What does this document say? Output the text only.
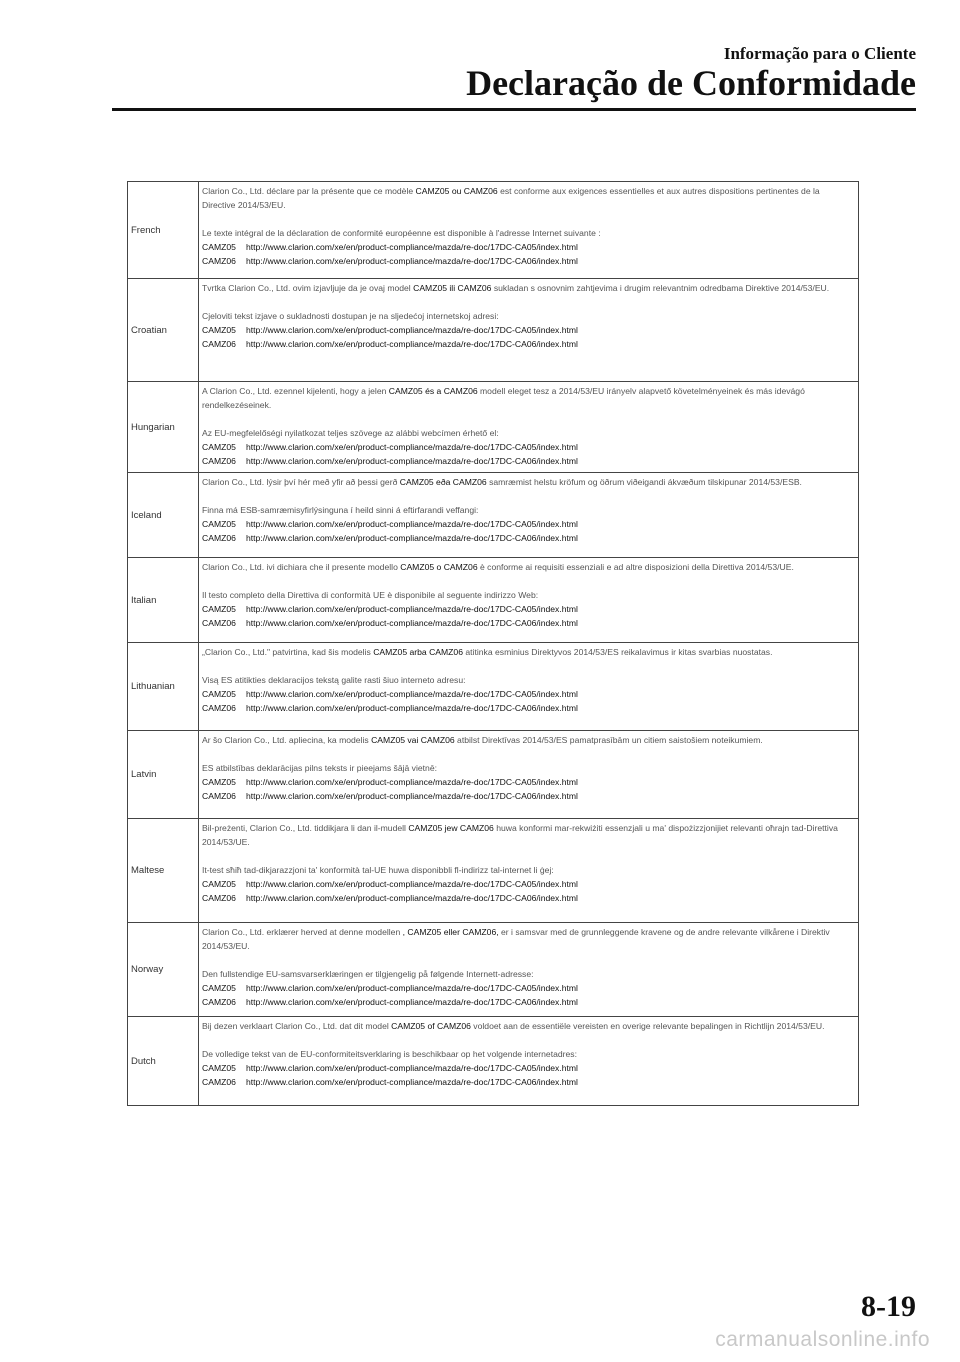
Informação para o Cliente
Declaração de Conformidade
French	Clarion Co., Ltd. déclare par la présente que ce modèle CAMZ05 ou CAMZ06 est conforme aux exigences essentielles et aux autres dispositions pertinentes de la Directive 2014/53/EU.

Le texte intégral de la déclaration de conformité européenne est disponible à l'adresse Internet suivante :

CAMZ05 http://www.clarion.com/xe/en/product-compliance/mazda/re-doc/17DC-CA05/index.html

CAMZ06 http://www.clarion.com/xe/en/product-compliance/mazda/re-doc/17DC-CA06/index.html

Croatian	Tvrtka Clarion Co., Ltd. ovim izjavljuje da je ovaj model CAMZ05 ili CAMZ06 sukladan s osnovnim zahtjevima i drugim relevantnim odredbama Direktive 2014/53/EU.

Cjeloviti tekst izjave o sukladnosti dostupan je na sljedećoj internetskoj adresi:

CAMZ05 http://www.clarion.com/xe/en/product-compliance/mazda/re-doc/17DC-CA05/index.html

CAMZ06 http://www.clarion.com/xe/en/product-compliance/mazda/re-doc/17DC-CA06/index.html

Hungarian	A Clarion Co., Ltd. ezennel kijelenti, hogy a jelen CAMZ05 és a CAMZ06 modell eleget tesz a 2014/53/EU irányelv alapvető követelményeinek és más idevágó rendelkezéseinek.

Az EU-megfelelőségi nyilatkozat teljes szövege az alábbi webcímen érhető el:

CAMZ05 http://www.clarion.com/xe/en/product-compliance/mazda/re-doc/17DC-CA05/index.html

CAMZ06 http://www.clarion.com/xe/en/product-compliance/mazda/re-doc/17DC-CA06/index.html

Iceland	Clarion Co., Ltd. lýsir því hér með yfir að þessi gerð CAMZ05 eða CAMZ06 samræmist helstu kröfum og öðrum viðeigandi ákvæðum tilskipunar 2014/53/ESB.

Finna má ESB-samræmisyfirlýsinguna í heild sinni á eftirfarandi veffangi:

CAMZ05 http://www.clarion.com/xe/en/product-compliance/mazda/re-doc/17DC-CA05/index.html

CAMZ06 http://www.clarion.com/xe/en/product-compliance/mazda/re-doc/17DC-CA06/index.html

Italian	Clarion Co., Ltd. ivi dichiara che il presente modello CAMZ05 o CAMZ06 è conforme ai requisiti essenziali e ad altre disposizioni della Direttiva 2014/53/UE.

Il testo completo della Direttiva di conformità UE è disponibile al seguente indirizzo Web:

CAMZ05 http://www.clarion.com/xe/en/product-compliance/mazda/re-doc/17DC-CA05/index.html

CAMZ06 http://www.clarion.com/xe/en/product-compliance/mazda/re-doc/17DC-CA06/index.html

Lithuanian	„Clarion Co., Ltd." patvirtina, kad šis modelis CAMZ05 arba CAMZ06 atitinka esminius Direktyvos 2014/53/ES reikalavimus ir kitas svarbias nuostatas.

Visą ES atitikties deklaracijos tekstą galite rasti šiuo interneto adresu:

CAMZ05 http://www.clarion.com/xe/en/product-compliance/mazda/re-doc/17DC-CA05/index.html

CAMZ06 http://www.clarion.com/xe/en/product-compliance/mazda/re-doc/17DC-CA06/index.html

Latvin	Ar šo Clarion Co., Ltd. apliecina, ka modelis CAMZ05 vai CAMZ06 atbilst Direktīvas 2014/53/ES pamatprasībām un citiem saistošiem noteikumiem.

ES atbilstības deklarācijas pilns teksts ir pieejams šājā vietnē:

CAMZ05 http://www.clarion.com/xe/en/product-compliance/mazda/re-doc/17DC-CA05/index.html

CAMZ06 http://www.clarion.com/xe/en/product-compliance/mazda/re-doc/17DC-CA06/index.html

Maltese	Bil-preżenti, Clarion Co., Ltd. tiddikjara li dan il-mudell CAMZ05 jew CAMZ06 huwa konformi mar-rekwiżiti essenzjali u ma' dispożizzjonijiet relevanti oħrajn tad-Direttiva 2014/53/UE.

It-test sħiħ tad-dikjarazzjoni ta' konformità tal-UE huwa disponibbli fl-indirizz tal-internet li ġej:

CAMZ05 http://www.clarion.com/xe/en/product-compliance/mazda/re-doc/17DC-CA05/index.html

CAMZ06 http://www.clarion.com/xe/en/product-compliance/mazda/re-doc/17DC-CA06/index.html

Norway	Clarion Co., Ltd. erklærer herved at denne modellen , CAMZ05 eller CAMZ06, er i samsvar med de grunnleggende kravene og de andre relevante vilkårene i Direktiv 2014/53/EU.

Den fullstendige EU-samsvarserklæringen er tilgjengelig på følgende Internett-adresse:

CAMZ05 http://www.clarion.com/xe/en/product-compliance/mazda/re-doc/17DC-CA05/index.html

CAMZ06 http://www.clarion.com/xe/en/product-compliance/mazda/re-doc/17DC-CA06/index.html

Dutch	Bij dezen verklaart Clarion Co., Ltd. dat dit model CAMZ05 of CAMZ06 voldoet aan de essentiële vereisten en overige relevante bepalingen in Richtlijn 2014/53/EU.

De volledige tekst van de EU-conformiteitsverklaring is beschikbaar op het volgende internetadres:

CAMZ05 http://www.clarion.com/xe/en/product-compliance/mazda/re-doc/17DC-CA05/index.html

CAMZ06 http://www.clarion.com/xe/en/product-compliance/mazda/re-doc/17DC-CA06/index.html

8-19
carmanualsonline.info
